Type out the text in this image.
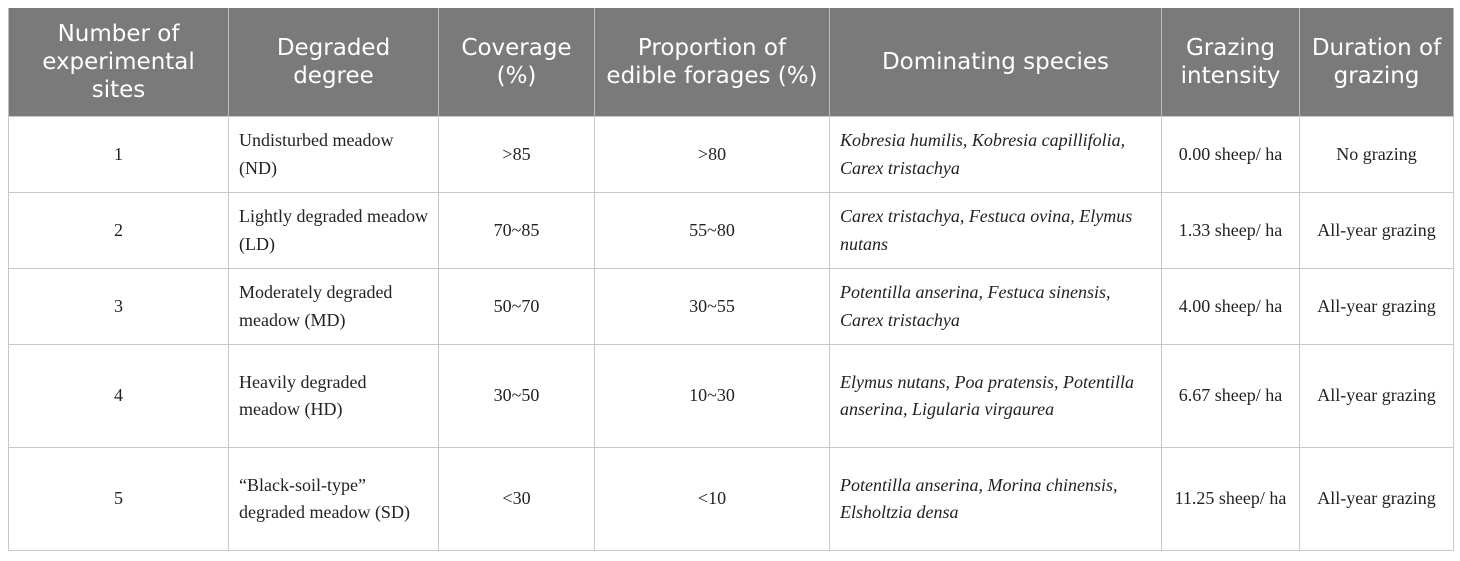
Number of experimental sites	Degraded degree	Coverage (%)	Proportion of edible forages (%)	Dominating species	Grazing intensity	Duration of grazing
1	Undisturbed meadow (ND)	>85	>80	Kobresia humilis, Kobresia capillifolia, Carex tristachya	0.00 sheep/ ha	No grazing
2	Lightly degraded meadow (LD)	70~85	55~80	Carex tristachya, Festuca ovina, Elymus nutans	1.33 sheep/ ha	All-year grazing
3	Moderately degraded meadow (MD)	50~70	30~55	Potentilla anserina, Festuca sinensis, Carex tristachya	4.00 sheep/ ha	All-year grazing
4	Heavily degraded meadow (HD)	30~50	10~30	Elymus nutans, Poa pratensis, Potentilla anserina, Ligularia virgaurea	6.67 sheep/ ha	All-year grazing
5	“Black-soil-type” degraded meadow (SD)	<30	<10	Potentilla anserina, Morina chinensis, Elsholtzia densa	11.25 sheep/ ha	All-year grazing
